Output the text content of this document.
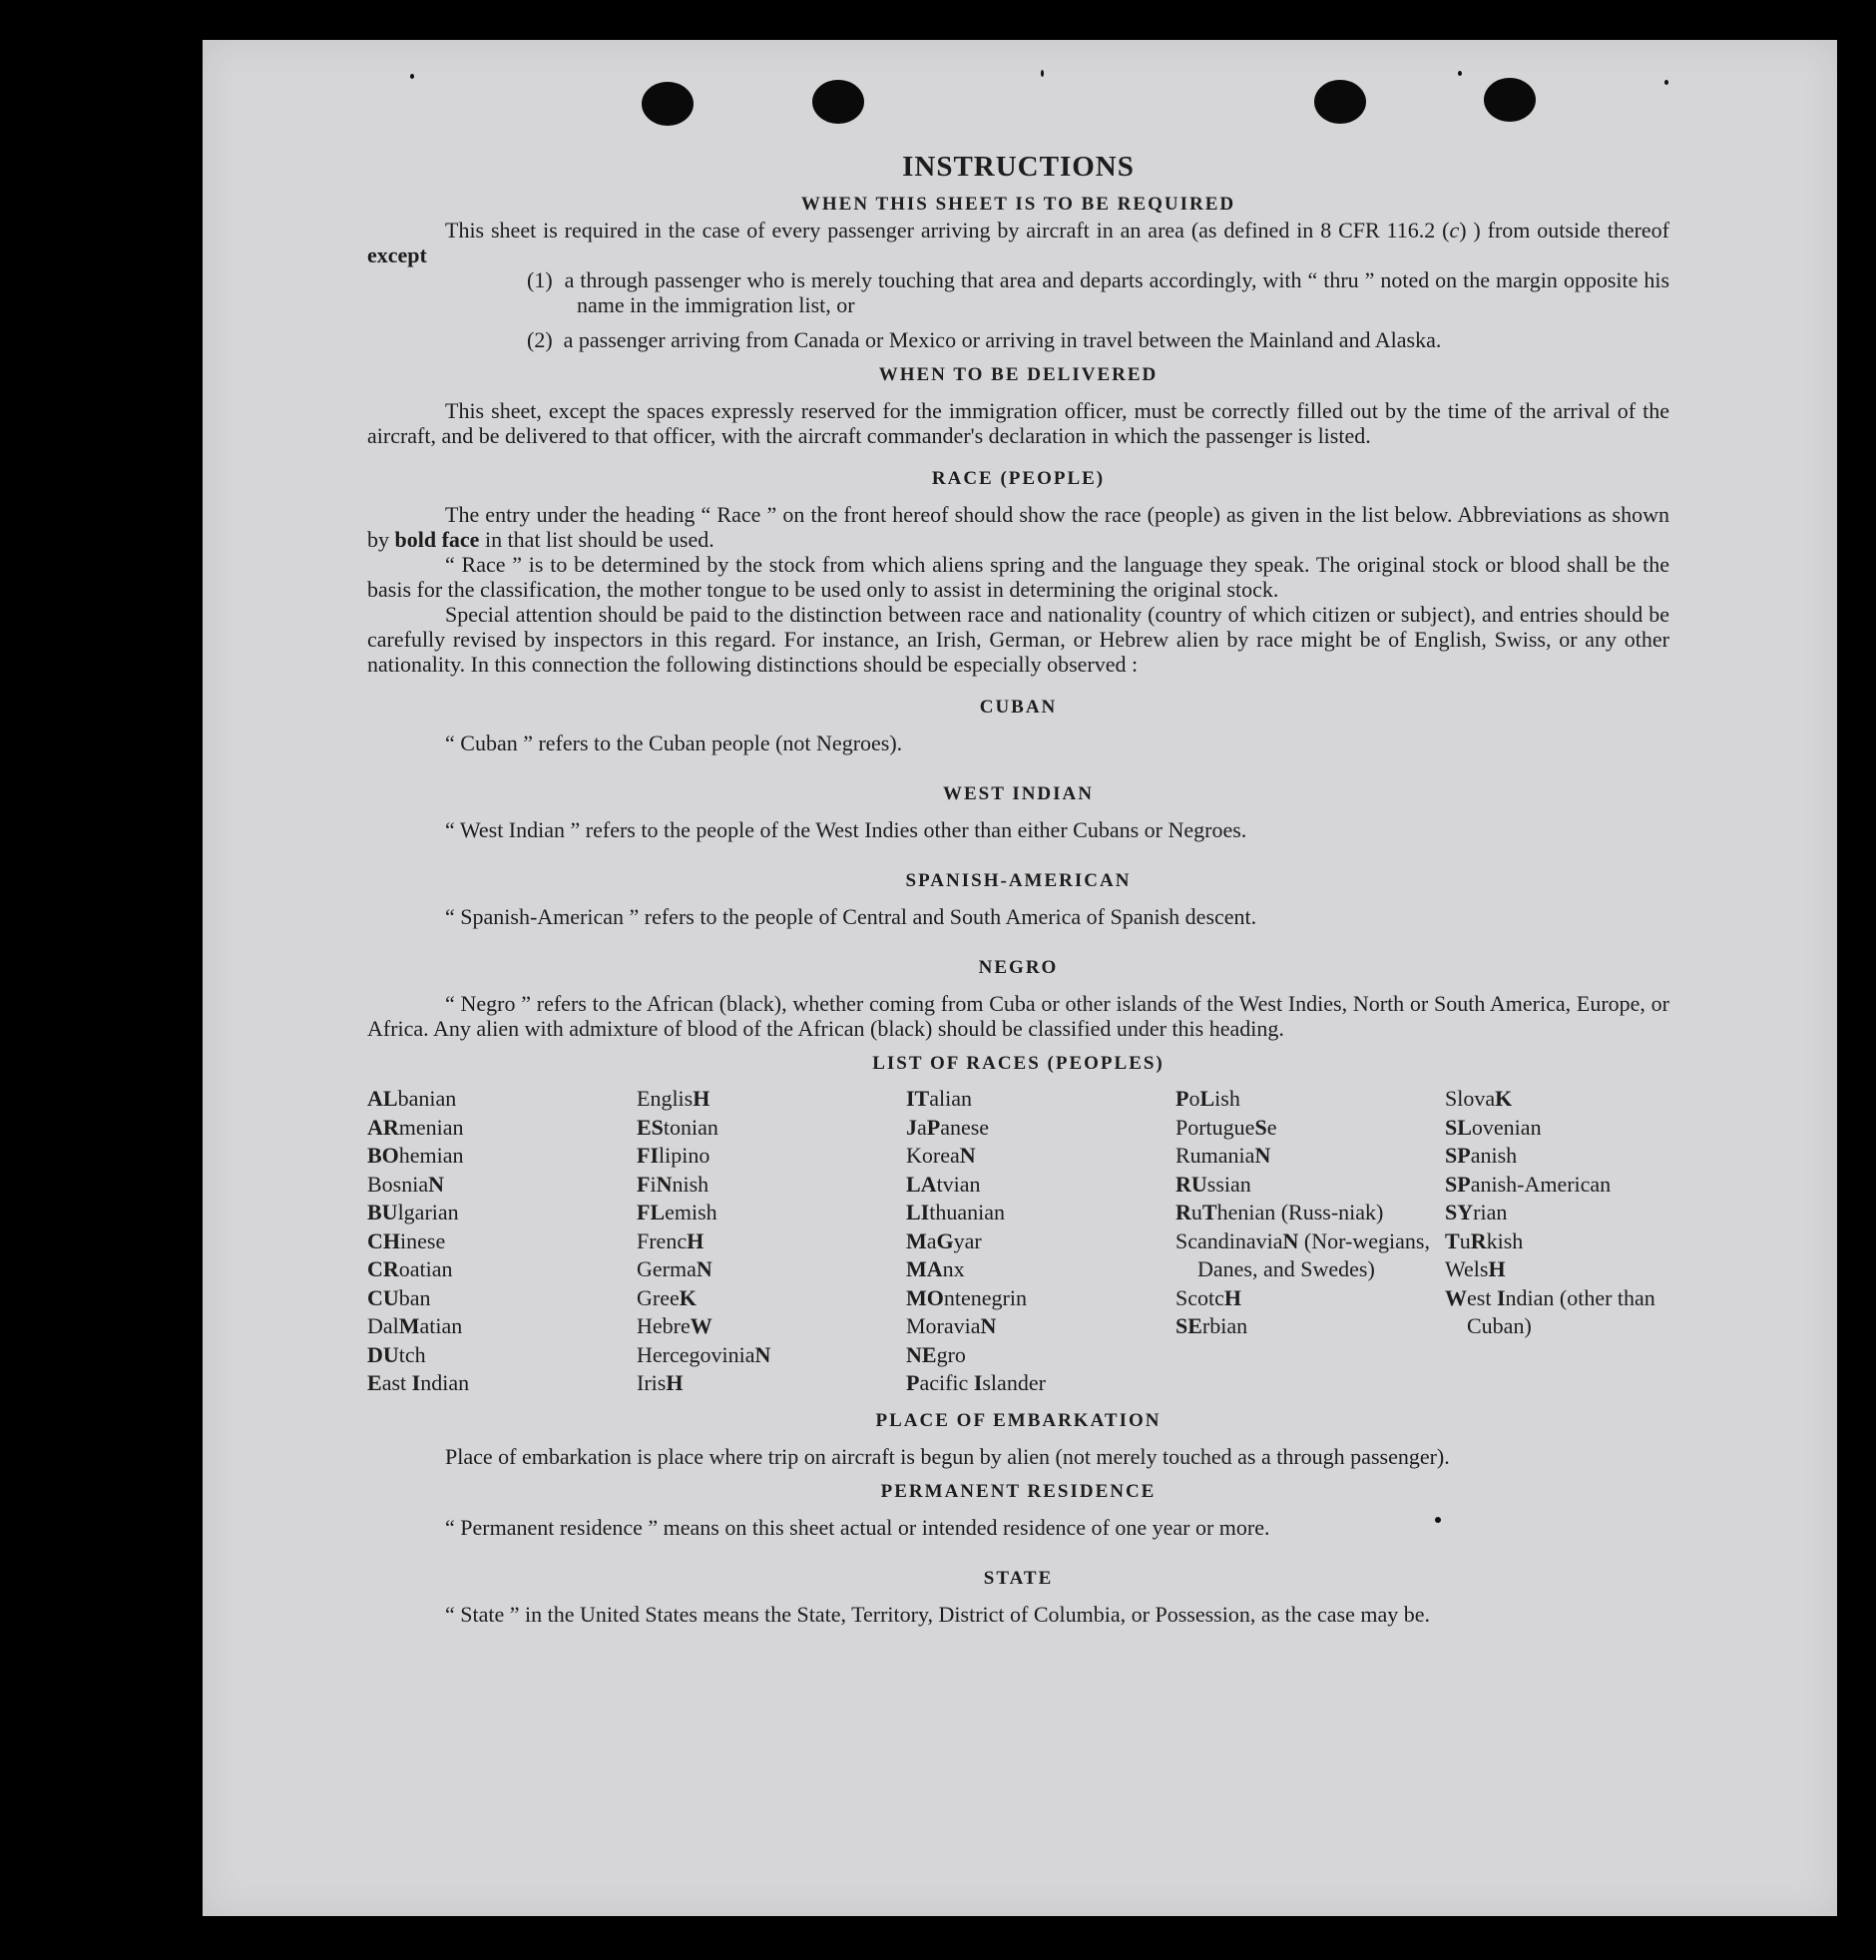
INSTRUCTIONS
WHEN THIS SHEET IS TO BE REQUIRED

This sheet is required in the case of every passenger arriving by aircraft in an area (as defined in 8 CFR 116.2 (c) ) from outside thereof except

(1) a through passenger who is merely touching that area and departs accordingly, with “ thru ” noted on the margin opposite his name in the immigration list, or
(2) a passenger arriving from Canada or Mexico or arriving in travel between the Mainland and Alaska.
WHEN TO BE DELIVERED

This sheet, except the spaces expressly reserved for the immigration officer, must be correctly filled out by the time of the arrival of the aircraft, and be delivered to that officer, with the aircraft commander's declaration in which the passenger is listed.

RACE (PEOPLE)

The entry under the heading “ Race ” on the front hereof should show the race (people) as given in the list below. Abbreviations as shown by bold face in that list should be used.

“ Race ” is to be determined by the stock from which aliens spring and the language they speak. The original stock or blood shall be the basis for the classification, the mother tongue to be used only to assist in determining the original stock.

Special attention should be paid to the distinction between race and nationality (country of which citizen or subject), and entries should be carefully revised by inspectors in this regard. For instance, an Irish, German, or Hebrew alien by race might be of English, Swiss, or any other nationality. In this connection the following distinctions should be especially observed :

CUBAN

“ Cuban ” refers to the Cuban people (not Negroes).

WEST INDIAN

“ West Indian ” refers to the people of the West Indies other than either Cubans or Negroes.

SPANISH-AMERICAN

“ Spanish-American ” refers to the people of Central and South America of Spanish descent.

NEGRO

“ Negro ” refers to the African (black), whether coming from Cuba or other islands of the West Indies, North or South America, Europe, or Africa. Any alien with admixture of blood of the African (black) should be classified under this heading.

LIST OF RACES (PEOPLES)
ALbanian
ARmenian
BOhemian
BosniaN
BUlgarian
CHinese
CRoatian
CUban
DalMatian
DUtch
East Indian
EnglisH
EStonian
FIlipino
FiNnish
FLemish
FrencH
GermaN
GreeK
HebreW
HercegoviniaN
IrisH
ITalian
JaPanese
KoreaN
LAtvian
LIthuanian
MaGyar
MAnx
MOntenegrin
MoraviaN
NEgro
Pacific Islander
PoLish
PortugueSe
RumaniaN
RUssian
RuThenian (Russ-niak)
ScandinaviaN (Nor-wegians, Danes, and Swedes)
ScotcH
SErbian
SlovaK
SLovenian
SPanish
SPanish-American
SYrian
TuRkish
WelsH
West Indian (other than Cuban)
PLACE OF EMBARKATION

Place of embarkation is place where trip on aircraft is begun by alien (not merely touched as a through passenger).

PERMANENT RESIDENCE

“ Permanent residence ” means on this sheet actual or intended residence of one year or more.

STATE

“ State ” in the United States means the State, Territory, District of Columbia, or Possession, as the case may be.
